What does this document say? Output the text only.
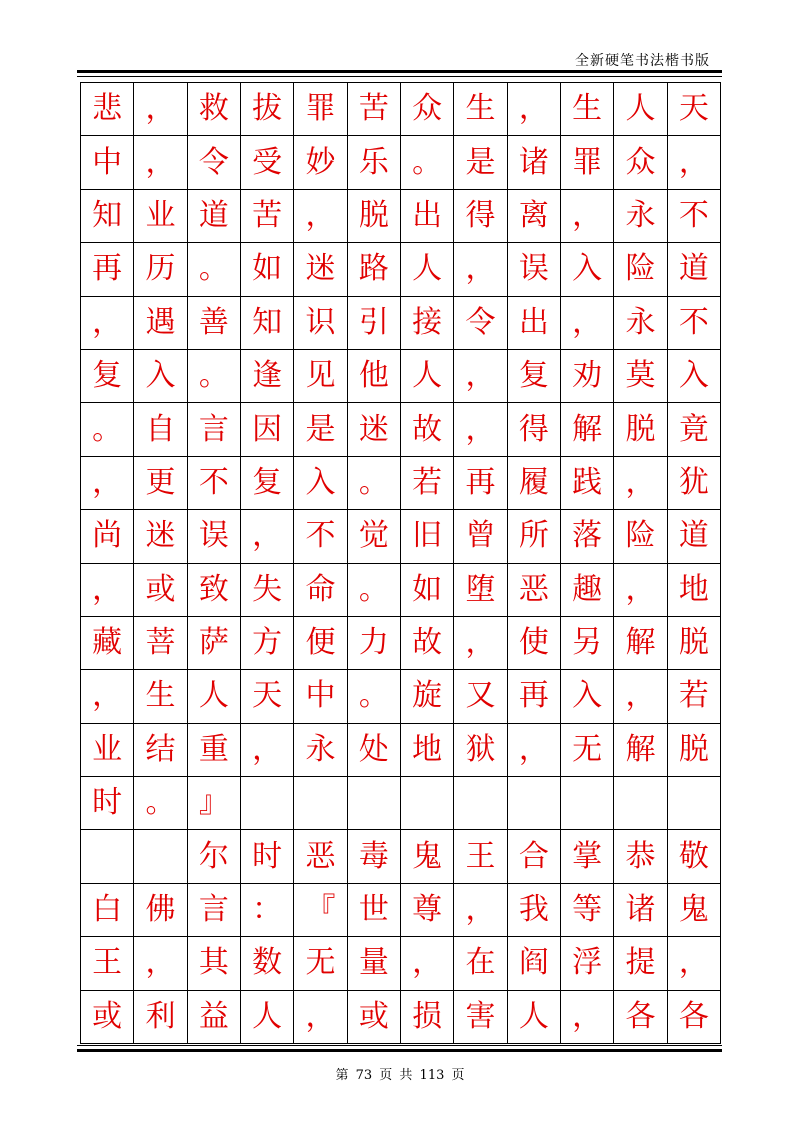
全新硬笔书法楷书版
悲 ， 救 拔 罪 苦 众 生 ， 生 人 天
中 ， 令 受 妙 乐 。 是 诸 罪 众 ，
知 业 道 苦 ， 脱 出 得 离 ， 永 不
再 历 。 如 迷 路 人 ， 误 入 险 道
， 遇 善 知 识 引 接 令 出 ， 永 不
复 入 。 逢 见 他 人 ， 复 劝 莫 入
。 自 言 因 是 迷 故 ， 得 解 脱 竟
， 更 不 复 入 。 若 再 履 践 ， 犹
尚 迷 误 ， 不 觉 旧 曾 所 落 险 道
， 或 致 失 命 。 如 堕 恶 趣 ， 地
藏 菩 萨 方 便 力 故 ， 使 另 解 脱
， 生 人 天 中 。 旋 又 再 入 ， 若
业 结 重 ， 永 处 地 狱 ， 无 解 脱
时 。 』
尔 时 恶 毒 鬼 王 合 掌 恭 敬
白 佛 言 ： 『 世 尊 ， 我 等 诸 鬼
王 ， 其 数 无 量 ， 在 阎 浮 提 ，
或 利 益 人 ， 或 损 害 人 ， 各 各
第 73 页 共 113 页
